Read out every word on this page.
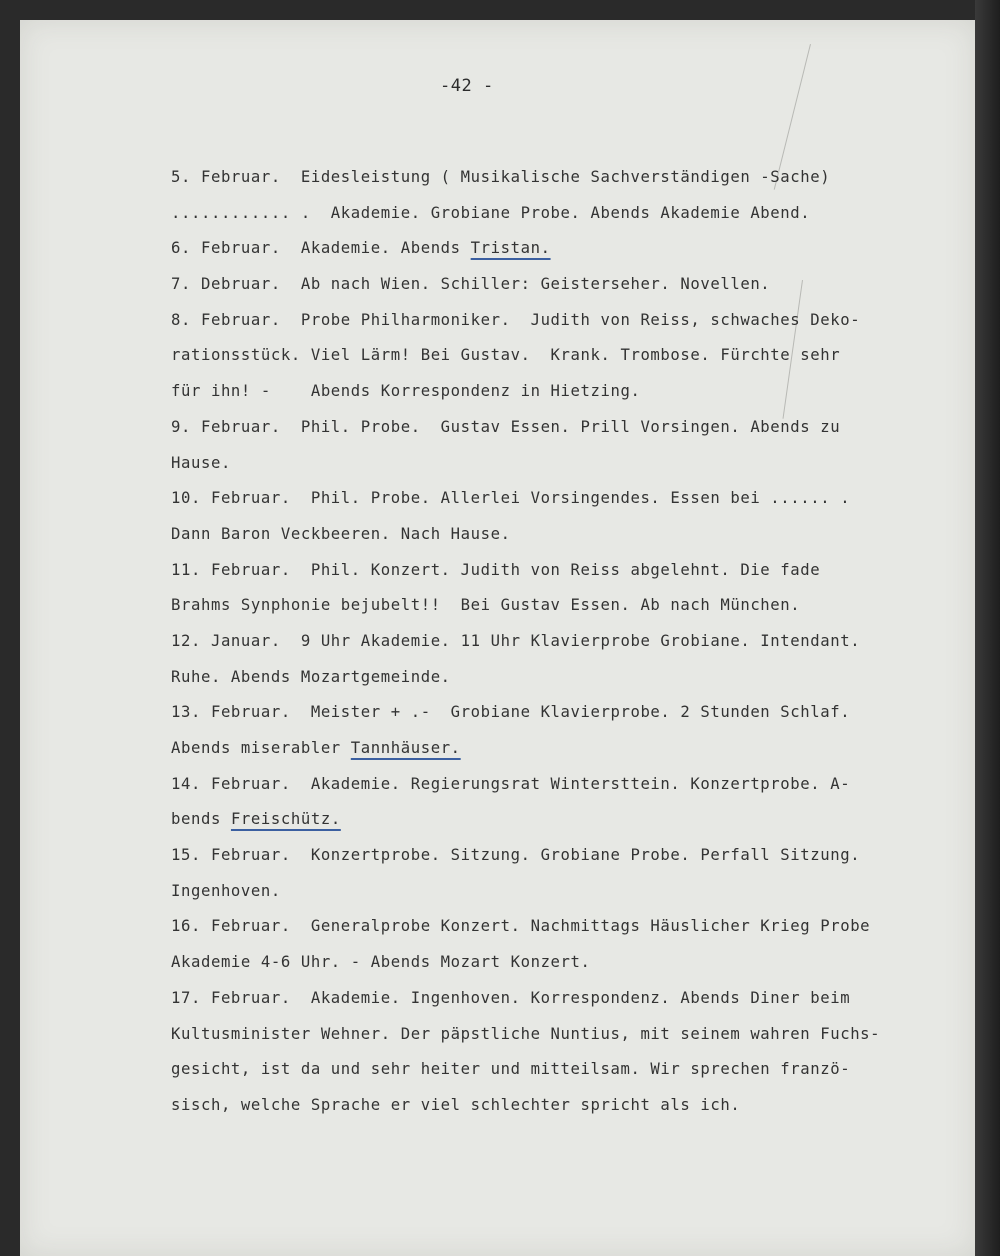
-42 -
5. Februar.  Eidesleistung ( Musikalische Sachverständigen -Sache)
............ .  Akademie. Grobiane Probe. Abends Akademie Abend.
6. Februar.  Akademie. Abends Tristan.
7. Debruar.  Ab nach Wien. Schiller: Geisterseher. Novellen.
8. Februar.  Probe Philharmoniker.  Judith von Reiss, schwaches Deko-
rationsstück. Viel Lärm! Bei Gustav.  Krank. Trombose. Fürchte sehr
für ihn! -    Abends Korrespondenz in Hietzing.
9. Februar.  Phil. Probe.  Gustav Essen. Prill Vorsingen. Abends zu
Hause.
10. Februar.  Phil. Probe. Allerlei Vorsingendes. Essen bei ...... .
Dann Baron Veckbeeren. Nach Hause.
11. Februar.  Phil. Konzert. Judith von Reiss abgelehnt. Die fade
Brahms Synphonie bejubelt!!  Bei Gustav Essen. Ab nach München.
12. Januar.  9 Uhr Akademie. 11 Uhr Klavierprobe Grobiane. Intendant.
Ruhe. Abends Mozartgemeinde.
13. Februar.  Meister + .-  Grobiane Klavierprobe. 2 Stunden Schlaf.
Abends miserabler Tannhäuser.
14. Februar.  Akademie. Regierungsrat Wintersttein. Konzertprobe. A-
bends Freischütz.
15. Februar.  Konzertprobe. Sitzung. Grobiane Probe. Perfall Sitzung.
Ingenhoven.
16. Februar.  Generalprobe Konzert. Nachmittags Häuslicher Krieg Probe
Akademie 4-6 Uhr. - Abends Mozart Konzert.
17. Februar.  Akademie. Ingenhoven. Korrespondenz. Abends Diner beim
Kultusminister Wehner. Der päpstliche Nuntius, mit seinem wahren Fuchs-
gesicht, ist da und sehr heiter und mitteilsam. Wir sprechen franzö-
sisch, welche Sprache er viel schlechter spricht als ich.
